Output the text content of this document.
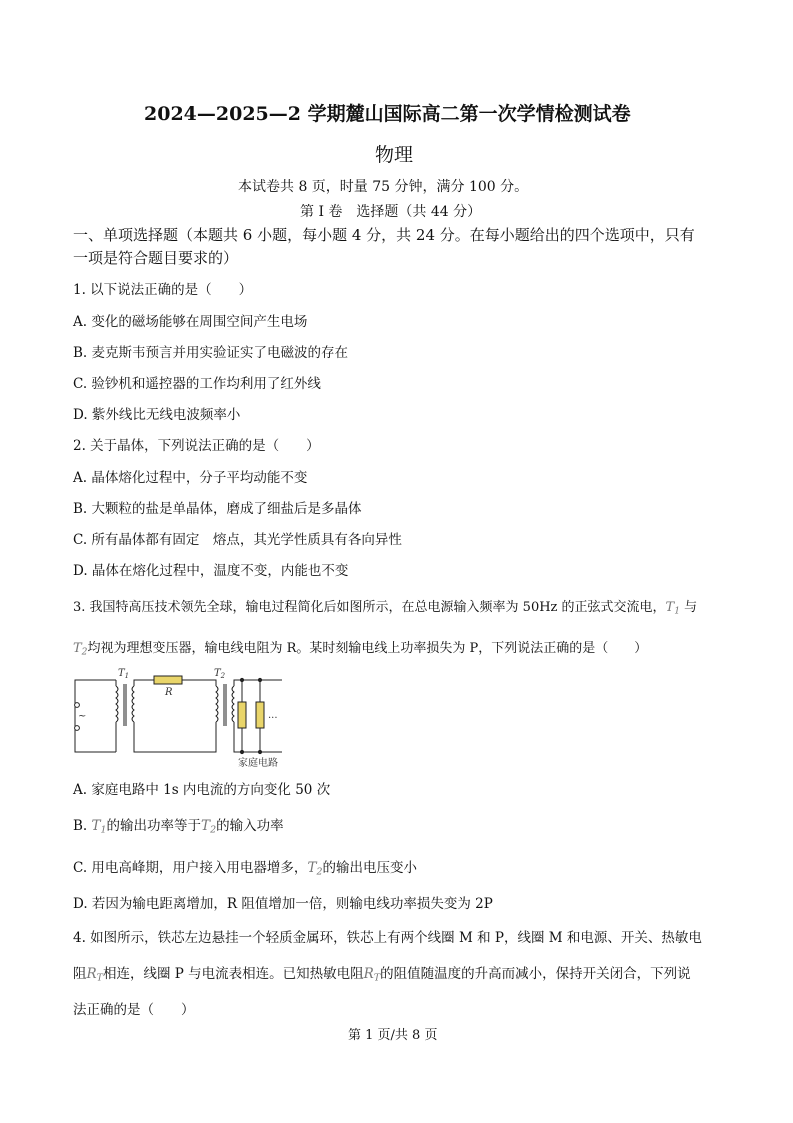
2024—2025—2 学期麓山国际高二第一次学情检测试卷
物理
本试卷共 8 页，时量 75 分钟，满分 100 分。
第 I 卷　选择题（共 44 分）
一、单项选择题（本题共 6 小题，每小题 4 分，共 24 分。在每小题给出的四个选项中，只有
一项是符合题目要求的）
1. 以下说法正确的是（　　）
A. 变化的磁场能够在周围空间产生电场
B. 麦克斯韦预言并用实验证实了电磁波的存在
C. 验钞机和遥控器的工作均利用了红外线
D. 紫外线比无线电波频率小
2. 关于晶体，下列说法正确的是（　　）
A. 晶体熔化过程中，分子平均动能不变
B. 大颗粒的盐是单晶体，磨成了细盐后是多晶体
C. 所有晶体都有固定　熔点，其光学性质具有各向异性
D. 晶体在熔化过程中，温度不变，内能也不变
3. 我国特高压技术领先全球，输电过程简化后如图所示，在总电源输入频率为 50Hz 的正弦式交流电，$T_1$ 与
$T_2$均视为理想变压器，输电线电阻为 R。某时刻输电线上功率损失为 P，下列说法正确的是（　　）
~
$T_1$
R
$T_2$
...
家庭电路
A. 家庭电路中 1s 内电流的方向变化 50 次
B. $T_1$的输出功率等于$T_2$的输入功率
C. 用电高峰期，用户接入用电器增多，$T_2$的输出电压变小
D. 若因为输电距离增加，R 阻值增加一倍，则输电线功率损失变为 2P
4. 如图所示，铁芯左边悬挂一个轻质金属环，铁芯上有两个线圈 M 和 P，线圈 M 和电源、开关、热敏电
阻$R_T$相连，线圈 P 与电流表相连。已知热敏电阻$R_T$的阻值随温度的升高而减小，保持开关闭合，下列说
法正确的是（　　）
第 1 页/共 8 页
